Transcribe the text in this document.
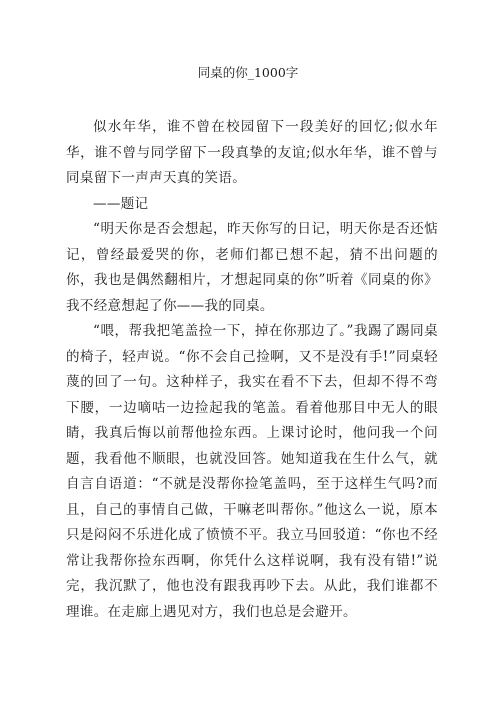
同桌的你_1000字

似水年华，谁不曾在校园留下一段美好的回忆;似水年华，谁不曾与同学留下一段真挚的友谊;似水年华，谁不曾与同桌留下一声声天真的笑语。

——题记

“明天你是否会想起，昨天你写的日记，明天你是否还惦记，曾经最爱哭的你，老师们都已想不起，猜不出问题的你，我也是偶然翻相片，才想起同桌的你”听着《同桌的你》我不经意想起了你——我的同桌。

“喂，帮我把笔盖捡一下，掉在你那边了。”我踢了踢同桌的椅子，轻声说。“你不会自己捡啊，又不是没有手!”同桌轻蔑的回了一句。这种样子，我实在看不下去，但却不得不弯下腰，一边嘀咕一边捡起我的笔盖。看着他那目中无人的眼睛，我真后悔以前帮他捡东西。上课讨论时，他问我一个问题，我看他不顺眼，也就没回答。她知道我在生什么气，就自言自语道：“不就是没帮你捡笔盖吗，至于这样生气吗?而且，自己的事情自己做，干嘛老叫帮你。”他这么一说，原本只是闷闷不乐进化成了愤愤不平。我立马回驳道：“你也不经常让我帮你捡东西啊，你凭什么这样说啊，我有没有错!”说完，我沉默了，他也没有跟我再吵下去。从此，我们谁都不理谁。在走廊上遇见对方，我们也总是会避开。
